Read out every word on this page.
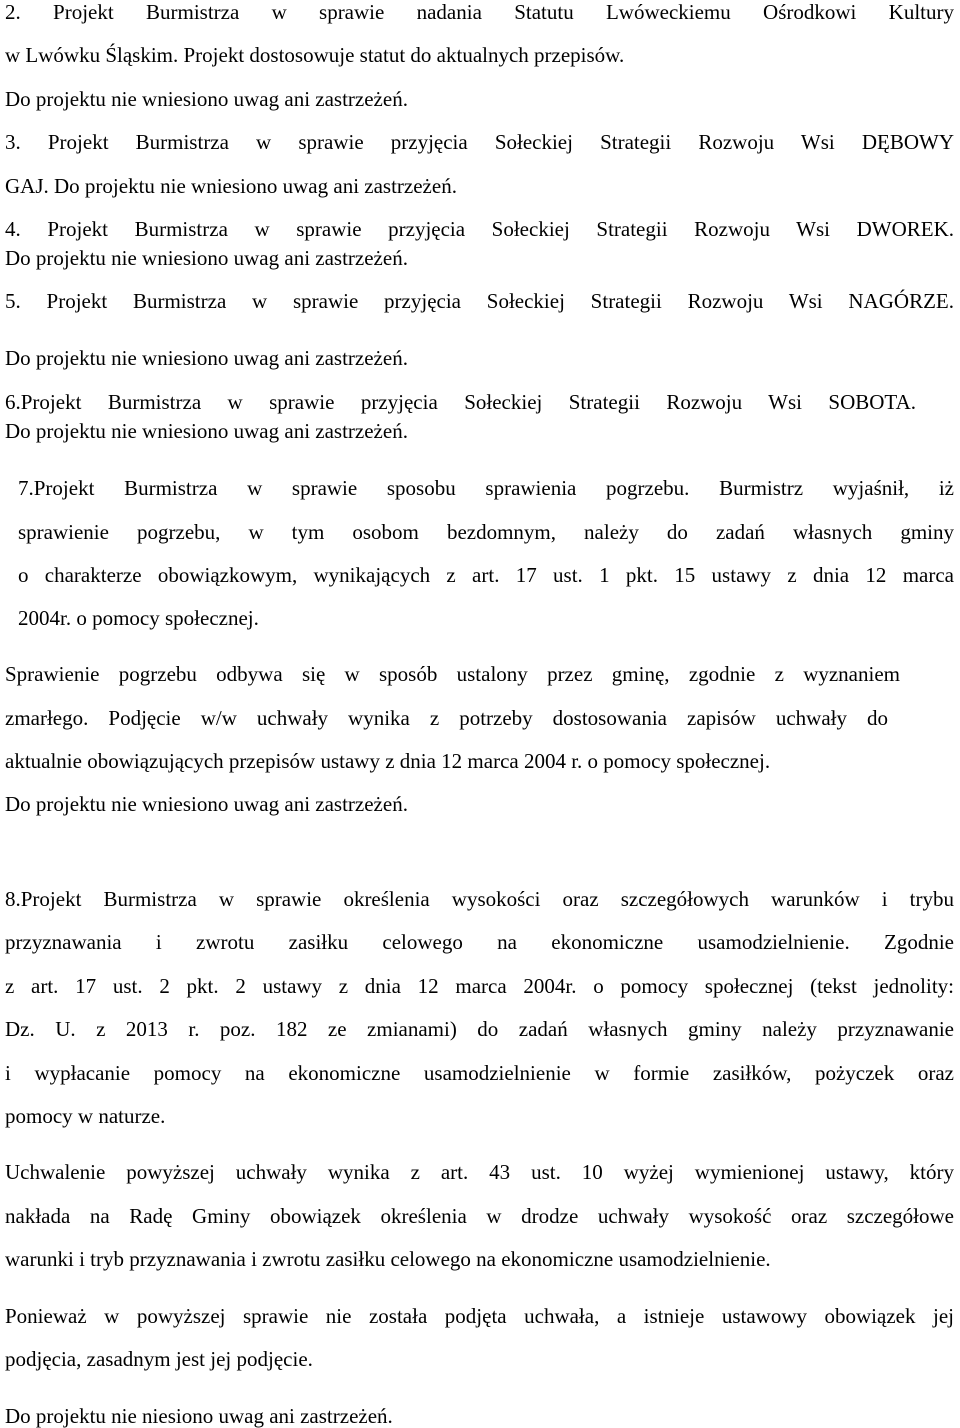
2. Projekt Burmistrza w sprawie nadania Statutu Lwóweckiemu Ośrodkowi Kultury

w Lwówku Śląskim. Projekt dostosowuje statut do aktualnych przepisów.

Do projektu nie wniesiono uwag ani zastrzeżeń.

3. Projekt Burmistrza w sprawie przyjęcia Sołeckiej Strategii Rozwoju Wsi DĘBOWY

GAJ. Do projektu nie wniesiono uwag ani zastrzeżeń.

4. Projekt Burmistrza w sprawie przyjęcia Sołeckiej Strategii Rozwoju Wsi DWOREK.

Do projektu nie wniesiono uwag ani zastrzeżeń.

5. Projekt Burmistrza w sprawie przyjęcia Sołeckiej Strategii Rozwoju Wsi NAGÓRZE.

Do projektu nie wniesiono uwag ani zastrzeżeń.

6.Projekt Burmistrza w sprawie przyjęcia Sołeckiej Strategii Rozwoju Wsi SOBOTA.

Do projektu nie wniesiono uwag ani zastrzeżeń.

7.Projekt Burmistrza w sprawie sposobu sprawienia pogrzebu. Burmistrz wyjaśnił, iż

sprawienie pogrzebu, w tym osobom bezdomnym, należy do zadań własnych gminy

o charakterze obowiązkowym, wynikających z art. 17 ust. 1 pkt. 15 ustawy z dnia 12 marca

2004r. o pomocy społecznej.

Sprawienie pogrzebu odbywa się w sposób ustalony przez gminę, zgodnie z wyznaniem

zmarłego. Podjęcie w/w uchwały wynika z potrzeby dostosowania zapisów uchwały do

aktualnie obowiązujących przepisów ustawy z dnia 12 marca 2004 r. o pomocy społecznej.

Do projektu nie wniesiono uwag ani zastrzeżeń.

8.Projekt Burmistrza w sprawie określenia wysokości oraz szczegółowych warunków i trybu

przyznawania i zwrotu zasiłku celowego na ekonomiczne usamodzielnienie. Zgodnie

z art. 17 ust. 2 pkt. 2 ustawy z dnia 12 marca 2004r. o pomocy społecznej (tekst jednolity:

Dz. U. z 2013 r. poz. 182 ze zmianami) do zadań własnych gminy należy przyznawanie

i wypłacanie pomocy na ekonomiczne usamodzielnienie w formie zasiłków, pożyczek oraz

pomocy w naturze.

Uchwalenie powyższej uchwały wynika z art. 43 ust. 10 wyżej wymienionej ustawy, który

nakłada na Radę Gminy obowiązek określenia w drodze uchwały wysokość oraz szczegółowe

warunki i tryb przyznawania i zwrotu zasiłku celowego na ekonomiczne usamodzielnienie.

Ponieważ w powyższej sprawie nie została podjęta uchwała, a istnieje ustawowy obowiązek jej

podjęcia, zasadnym jest jej podjęcie.

Do projektu nie niesiono uwag ani zastrzeżeń.
